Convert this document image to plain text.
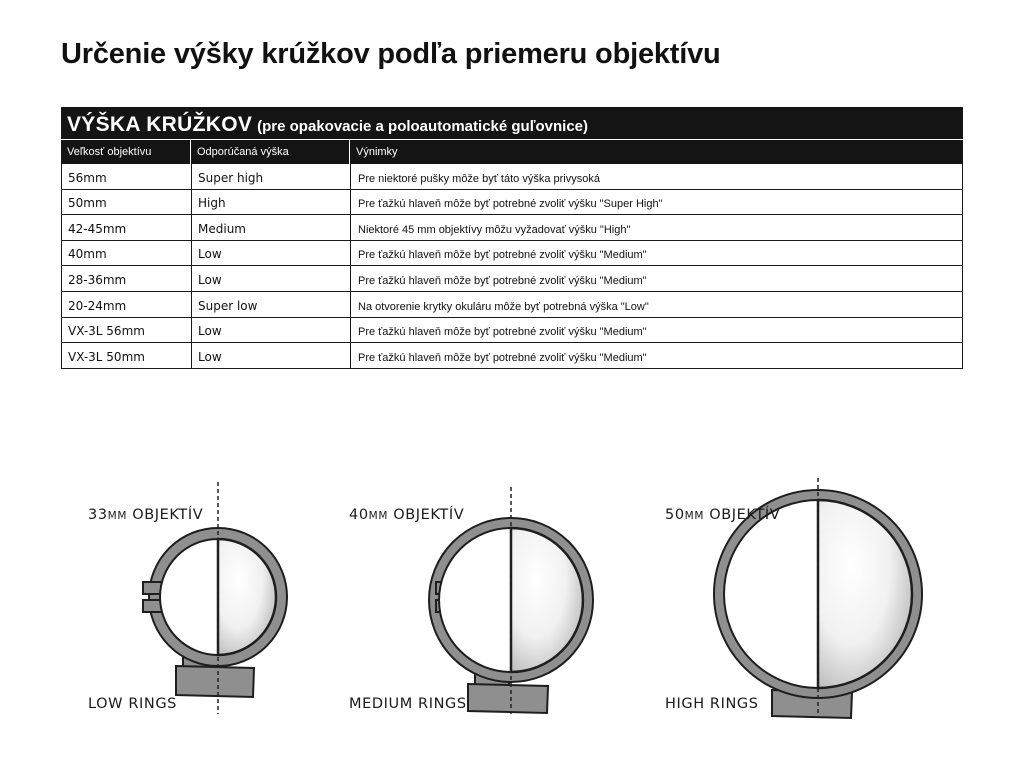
Určenie výšky krúžkov podľa priemeru objektívu
VÝŠKA KRÚŽKOV (pre opakovacie a poloautomatické guľovnice)
Veľkosť objektívu	Odporúčaná výška	Výnimky
56mm	Super high	Pre niektoré pušky môže byť táto výška privysoká
50mm	High	Pre ťažkú hlaveň môže byť potrebné zvoliť výšku "Super High"
42-45mm	Medium	Niektoré 45 mm objektívy môžu vyžadovať výšku "High"
40mm	Low	Pre ťažkú hlaveň môže byť potrebné zvoliť výšku "Medium"
28-36mm	Low	Pre ťažkú hlaveň môže byť potrebné zvoliť výšku "Medium"
20-24mm	Super low	Na otvorenie krytky okuláru môže byť potrebná výška "Low"
VX-3L 56mm	Low	Pre ťažkú hlaveň môže byť potrebné zvoliť výšku "Medium"
VX-3L 50mm	Low	Pre ťažkú hlaveň môže byť potrebné zvoliť výšku "Medium"
33MM OBJEKTÍV
LOW RINGS
40MM OBJEKTÍV
MEDIUM RINGS
50MM OBJEKTÍV
HIGH RINGS
